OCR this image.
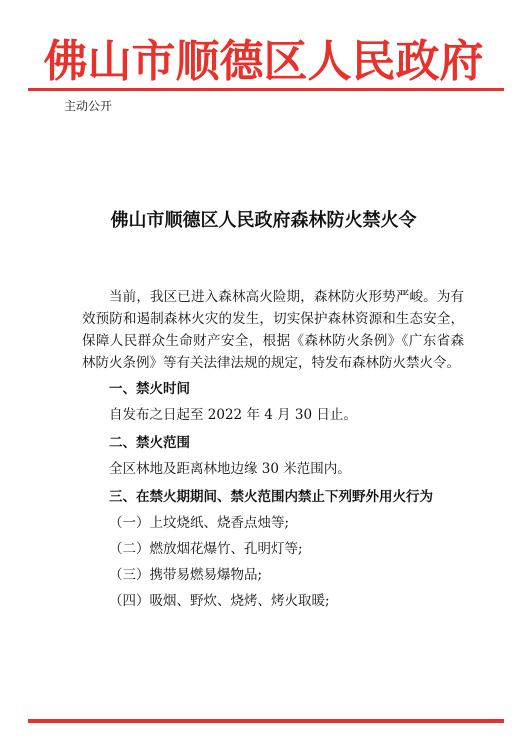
佛山市顺德区人民政府
主动公开
佛山市顺德区人民政府森林防火禁火令

当前，我区已进入森林高火险期，森林防火形势严峻。为有效预防和遏制森林火灾的发生，切实保护森林资源和生态安全，保障人民群众生命财产安全，根据《森林防火条例》《广东省森林防火条例》等有关法律法规的规定，特发布森林防火禁火令。

一、禁火时间

自发布之日起至 2022 年 4 月 30 日止。

二、禁火范围

全区林地及距离林地边缘 30 米范围内。

三、在禁火期期间、禁火范围内禁止下列野外用火行为

（一）上坟烧纸、烧香点烛等;

（二）燃放烟花爆竹、孔明灯等;

（三）携带易燃易爆物品;

（四）吸烟、野炊、烧烤、烤火取暖;
